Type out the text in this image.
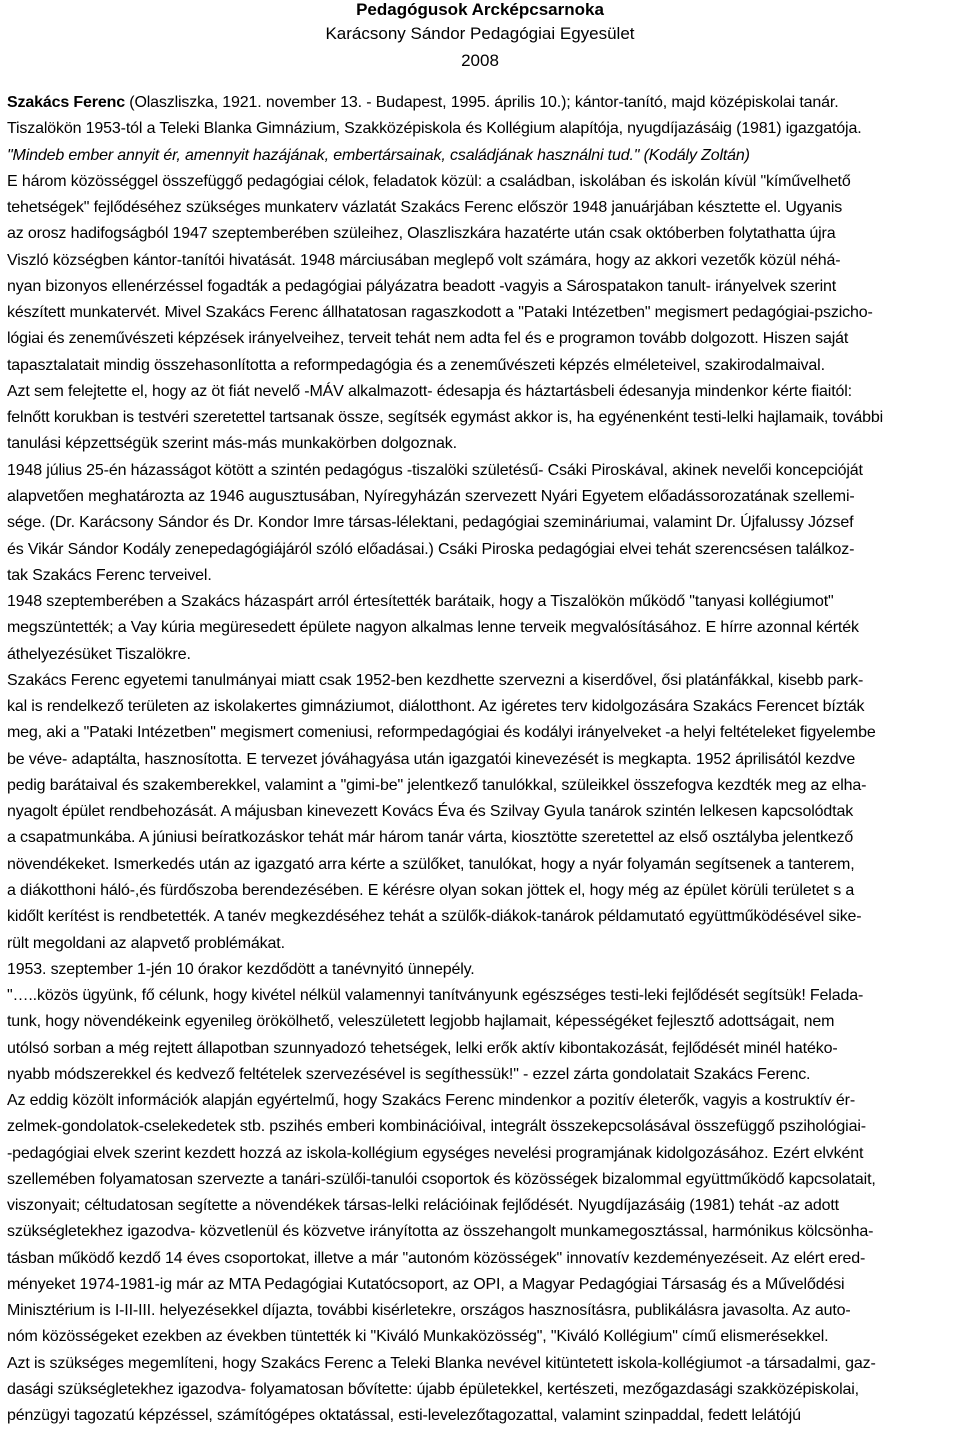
Pedagógusok Arcképcsarnoka
Karácsony Sándor Pedagógiai Egyesület
2008
Szakács Ferenc (Olaszliszka, 1921. november 13. - Budapest, 1995. április 10.); kántor-tanító, majd középiskolai tanár.
Tiszalökön 1953-tól a Teleki Blanka Gimnázium, Szakközépiskola és Kollégium alapítója, nyugdíjazásáig (1981) igazgatója.
"Mindeb ember annyit ér, amennyit hazájának, embertársainak, családjának használni tud." (Kodály Zoltán)
E három közösséggel összefüggő pedagógiai célok, feladatok közül: a családban, iskolában és iskolán kívül "kíművelhető
tehetségek" fejlődéséhez szükséges munkaterv vázlatát Szakács Ferenc először 1948 januárjában késztette el. Ugyanis
az orosz hadifogságból 1947 szeptemberében szüleihez, Olaszliszkára hazatérte után csak októberben folytathatta újra
Viszló községben kántor-tanítói hivatását. 1948 márciusában meglepő volt számára, hogy az akkori vezetők közül néhá-
nyan bizonyos ellenérzéssel fogadták a pedagógiai pályázatra beadott -vagyis a Sárospatakon tanult- irányelvek szerint
készített munkatervét. Mivel Szakács Ferenc állhatatosan ragaszkodott a "Pataki Intézetben" megismert pedagógiai-pszicho-
lógiai és zeneművészeti képzések irányelveihez, terveit tehát nem adta fel és e programon tovább dolgozott. Hiszen saját
tapasztalatait mindig összehasonlította a reformpedagógia és a zeneművészeti képzés elméleteivel, szakirodalmaival.
Azt sem felejtette el, hogy az öt fiát nevelő -MÁV alkalmazott- édesapja és háztartásbeli édesanyja mindenkor kérte fiaitól:
felnőtt korukban is testvéri szeretettel tartsanak össze, segítsék egymást akkor is, ha egyénenként testi-lelki hajlamaik, további
tanulási képzettségük szerint más-más munkakörben dolgoznak.
1948 július 25-én házasságot kötött a szintén pedagógus -tiszalöki születésű- Csáki Piroskával, akinek nevelői koncepcióját
alapvetően meghatározta az 1946 augusztusában, Nyíregyházán szervezett Nyári Egyetem előadássorozatának szellemi-
sége. (Dr. Karácsony Sándor és Dr. Kondor Imre társas-lélektani, pedagógiai szemináriumai, valamint Dr. Újfalussy József
és Vikár Sándor Kodály zenepedagógiájáról szóló előadásai.) Csáki Piroska pedagógiai elvei tehát szerencsésen találkoz-
tak Szakács Ferenc terveivel.
1948 szeptemberében a Szakács házaspárt arról értesítették barátaik, hogy a Tiszalökön működő "tanyasi kollégiumot"
megszüntették; a Vay kúria megüresedett épülete nagyon alkalmas lenne terveik megvalósításához. E hírre azonnal kérték
áthelyezésüket Tiszalökre.
Szakács Ferenc egyetemi tanulmányai miatt csak 1952-ben kezdhette szervezni a kiserdővel, ősi platánfákkal, kisebb park-
kal is rendelkező területen az iskolakertes gimnáziumot, diálotthont. Az igéretes terv kidolgozására Szakács Ferencet bízták
meg, aki a "Pataki Intézetben" megismert comeniusi, reformpedagógiai és kodályi irányelveket -a helyi feltételeket figyelembe
be véve- adaptálta, hasznosította. E tervezet jóváhagyása után igazgatói kinevezését is megkapta. 1952 áprilisától kezdve
pedig barátaival és szakemberekkel, valamint a "gimi-be" jelentkező tanulókkal, szüleikkel összefogva kezdték meg az elha-
nyagolt épület rendbehozását. A májusban kinevezett Kovács Éva és Szilvay Gyula tanárok szintén lelkesen kapcsolódtak
a csapatmunkába. A júniusi beíratkozáskor tehát már három tanár várta, kiosztötte szeretettel az első osztályba jelentkező
növendékeket. Ismerkedés után az igazgató arra kérte a szülőket, tanulókat, hogy a nyár folyamán segítsenek a tanterem,
a diákotthoni háló-,és fürdőszoba berendezésében. E kérésre olyan sokan jöttek el, hogy még az épület körüli területet s a
kidőlt kerítést is rendbetették. A tanév megkezdéséhez tehát a szülők-diákok-tanárok példamutató együttműködésével sike-
rült megoldani az alapvető problémákat.
1953. szeptember 1-jén 10 órakor kezdődött a tanévnyitó ünnepély.
"…..közös ügyünk, fő célunk, hogy kivétel nélkül valamennyi tanítványunk egészséges testi-leki fejlődését segítsük! Felada-
tunk, hogy növendékeink egyenileg örökölhető, veleszületett legjobb hajlamait, képességéket fejlesztő adottságait, nem
utólsó sorban a még rejtett állapotban szunnyadozó tehetségek, lelki erők aktív kibontakozását, fejlődését minél hatéko-
nyabb módszerekkel és kedvező feltételek szervezésével is segíthessük!" - ezzel zárta gondolatait Szakács Ferenc.
Az eddig közölt információk alapján egyértelmű, hogy Szakács Ferenc mindenkor a pozitív életerők, vagyis a kostruktív ér-
zelmek-gondolatok-cselekedetek stb. pszihés emberi kombinációival, integrált összekepcsolásával összefüggő pszihológiai-
-pedagógiai elvek szerint kezdett hozzá az iskola-kollégium egységes nevelési programjának kidolgozásához. Ezért elvként
szellemében folyamatosan szervezte a tanári-szülői-tanulói csoportok és közösségek bizalommal együttműködő kapcsolatait,
viszonyait; céltudatosan segítette a növendékek társas-lelki relációinak fejlődését. Nyugdíjazásáig (1981) tehát -az adott
szükségletekhez igazodva- közvetlenül és közvetve irányította az összehangolt munkamegosztással, harmónikus kölcsönha-
tásban működő kezdő 14 éves csoportokat, illetve a már "autonóm közösségek" innovatív kezdeményezéseit. Az elért ered-
ményeket 1974-1981-ig már az MTA Pedagógiai Kutatócsoport, az OPI, a Magyar Pedagógiai Társaság és a Művelődési
Minisztérium is I-II-III. helyezésekkel díjazta, további kisérletekre, országos hasznosításra, publikálásra javasolta. Az auto-
nóm közösségeket ezekben az években tüntették ki "Kiváló Munkaközösség", "Kiváló Kollégium" című elismerésekkel.
Azt is szükséges megemlíteni, hogy Szakács Ferenc a Teleki Blanka nevével kitüntetett iskola-kollégiumot -a társadalmi, gaz-
dasági szükségletekhez igazodva- folyamatosan bővítette: újabb épületekkel, kertészeti, mezőgazdasági szakközépiskolai,
pénzügyi tagozatú képzéssel, számítógépes oktatással, esti-levelezőtagozattal, valamint szinpaddal, fedett lelátójú
